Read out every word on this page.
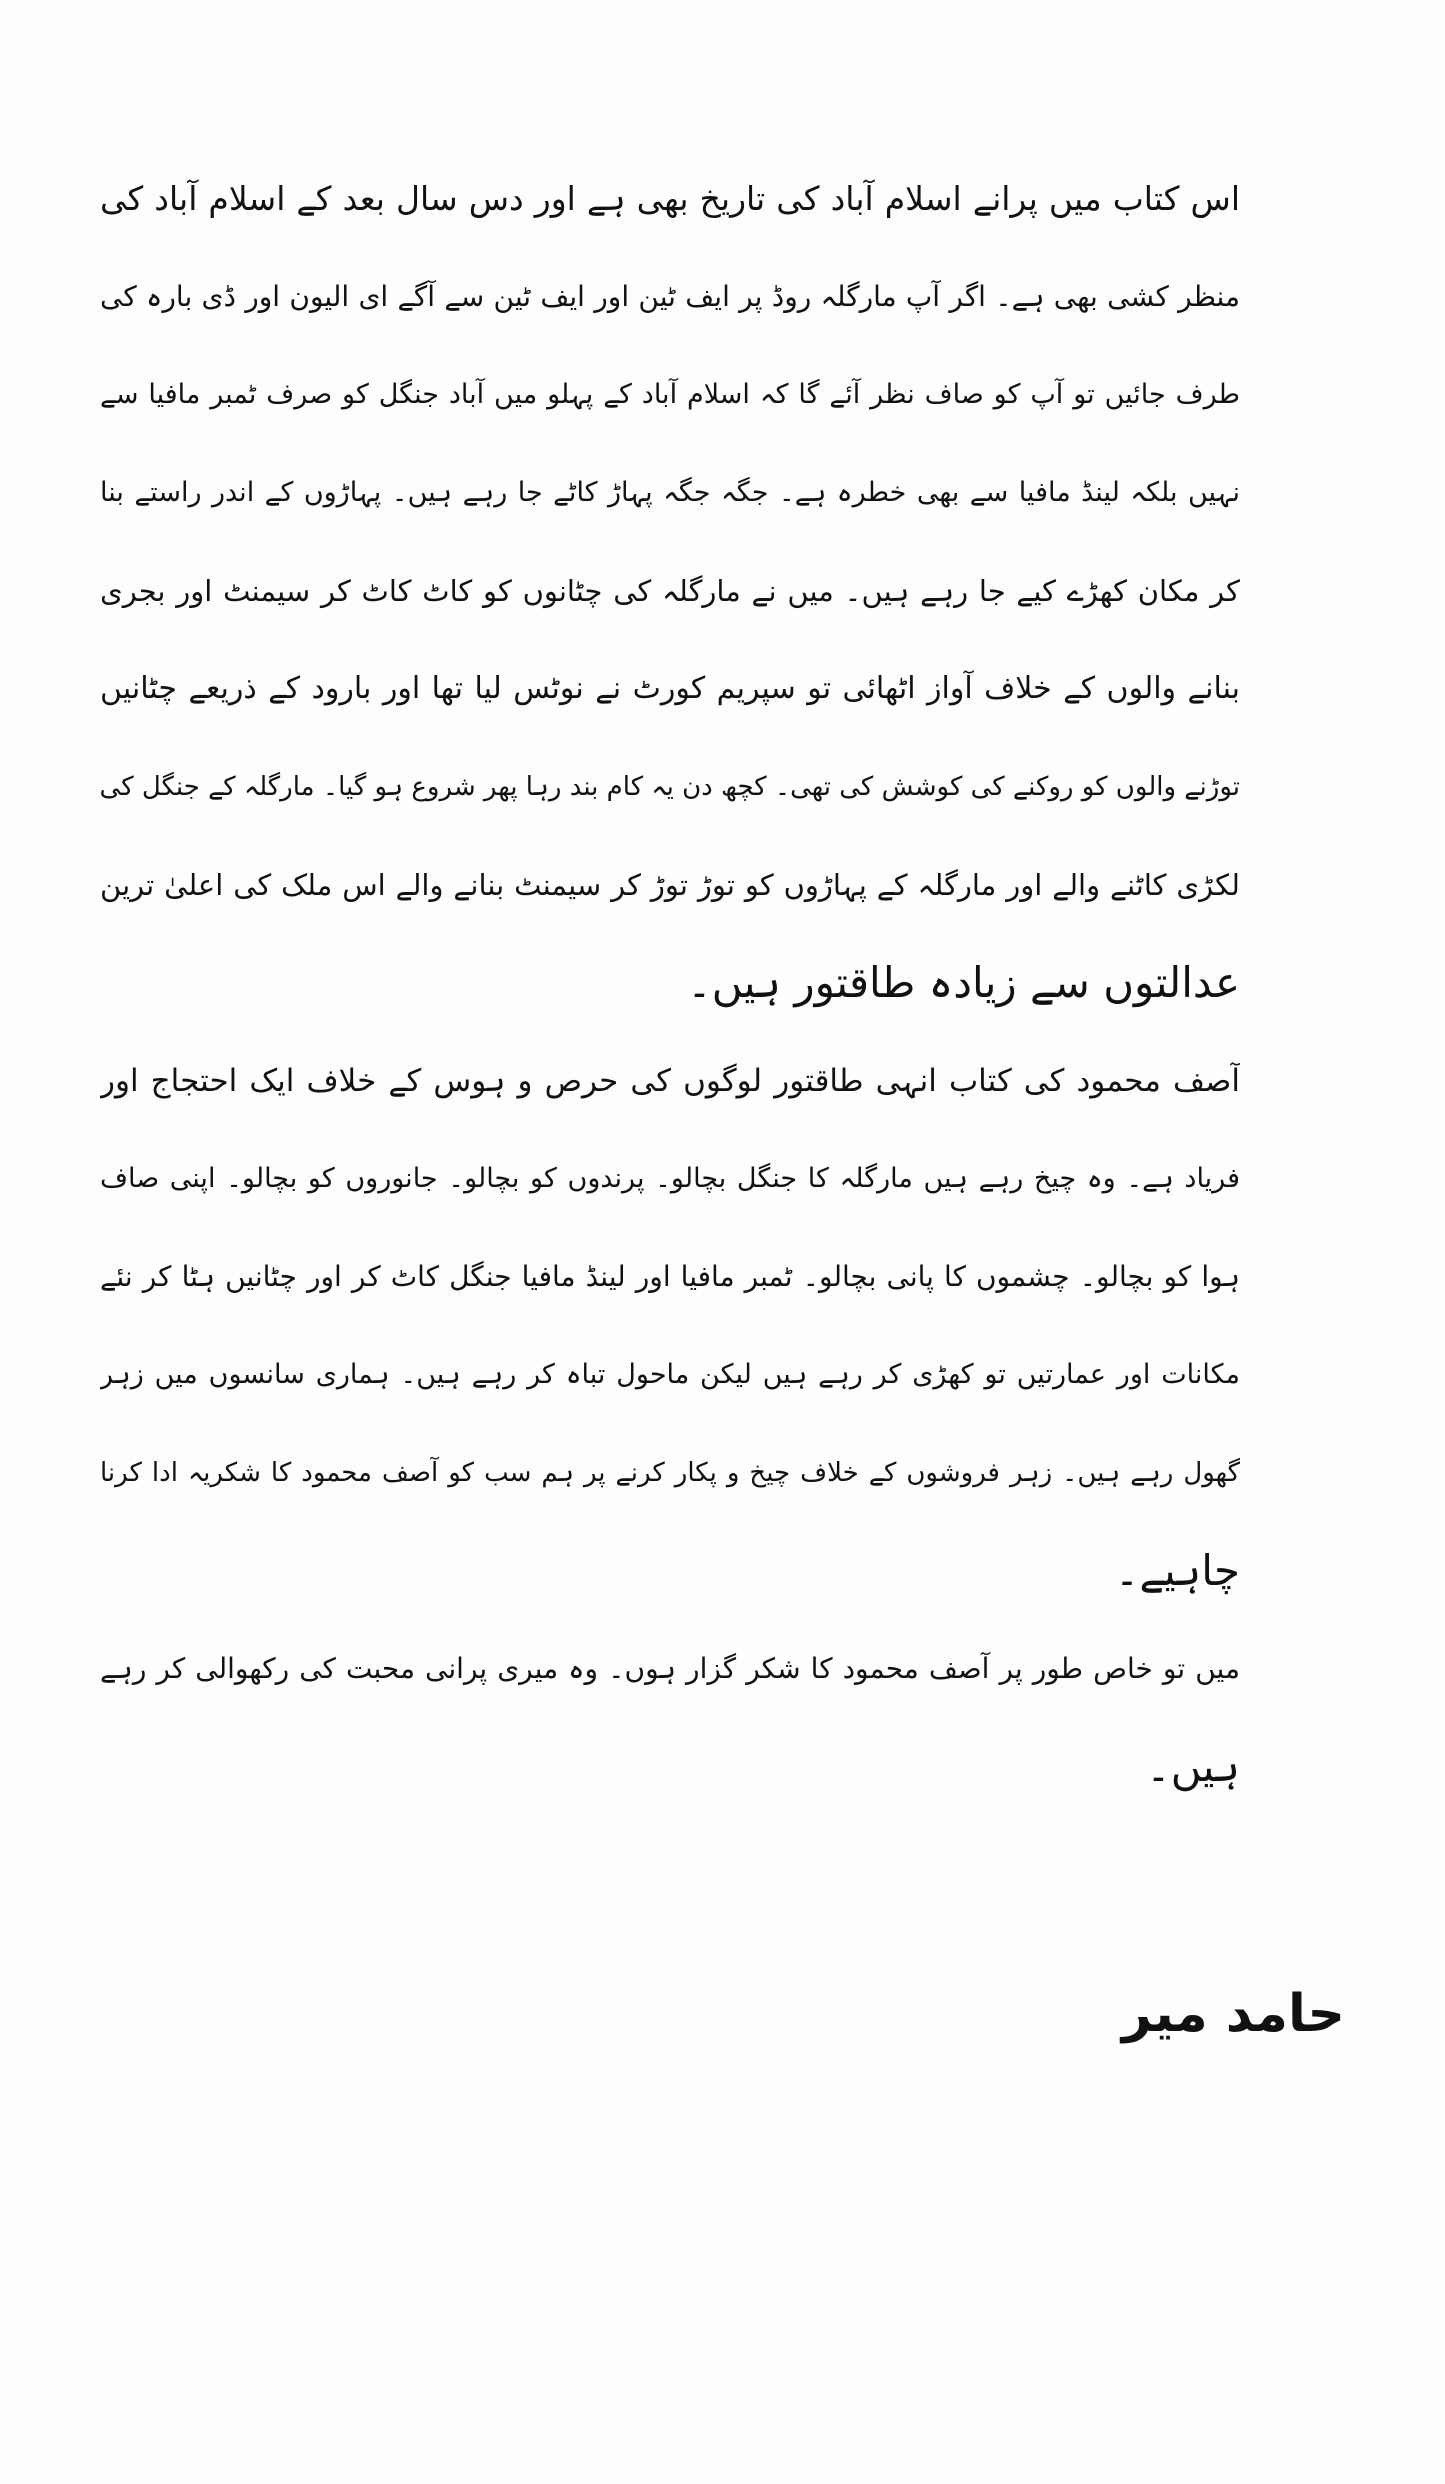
اس کتاب میں پرانے اسلام آباد کی تاریخ بھی ہے اور دس سال بعد کے اسلام آباد کی
منظر کشی بھی ہے۔ اگر آپ مارگلہ روڈ پر ایف ٹین اور ایف ٹین سے آگے ای الیون اور ڈی بارہ کی
طرف جائیں تو آپ کو صاف نظر آئے گا کہ اسلام آباد کے پہلو میں آباد جنگل کو صرف ٹمبر مافیا سے
نہیں بلکہ لینڈ مافیا سے بھی خطرہ ہے۔ جگہ جگہ پہاڑ کاٹے جا رہے ہیں۔ پہاڑوں کے اندر راستے بنا
کر مکان کھڑے کیے جا رہے ہیں۔ میں نے مارگلہ کی چٹانوں کو کاٹ کاٹ کر سیمنٹ اور بجری
بنانے والوں کے خلاف آواز اٹھائی تو سپریم کورٹ نے نوٹس لیا تھا اور بارود کے ذریعے چٹانیں
توڑنے والوں کو روکنے کی کوشش کی تھی۔ کچھ دن یہ کام بند رہا پھر شروع ہو گیا۔ مارگلہ کے جنگل کی
لکڑی کاٹنے والے اور مارگلہ کے پہاڑوں کو توڑ توڑ کر سیمنٹ بنانے والے اس ملک کی اعلیٰ ترین
عدالتوں سے زیادہ طاقتور ہیں۔
آصف محمود کی کتاب انہی طاقتور لوگوں کی حرص و ہوس کے خلاف ایک احتجاج اور
فریاد ہے۔ وہ چیخ رہے ہیں مارگلہ کا جنگل بچالو۔ پرندوں کو بچالو۔ جانوروں کو بچالو۔ اپنی صاف
ہوا کو بچالو۔ چشموں کا پانی بچالو۔ ٹمبر مافیا اور لینڈ مافیا جنگل کاٹ کر اور چٹانیں ہٹا کر نئے
مکانات اور عمارتیں تو کھڑی کر رہے ہیں لیکن ماحول تباہ کر رہے ہیں۔ ہماری سانسوں میں زہر
گھول رہے ہیں۔ زہر فروشوں کے خلاف چیخ و پکار کرنے پر ہم سب کو آصف محمود کا شکریہ ادا کرنا
چاہیے۔
میں تو خاص طور پر آصف محمود کا شکر گزار ہوں۔ وہ میری پرانی محبت کی رکھوالی کر رہے
ہیں۔
حامد میر
